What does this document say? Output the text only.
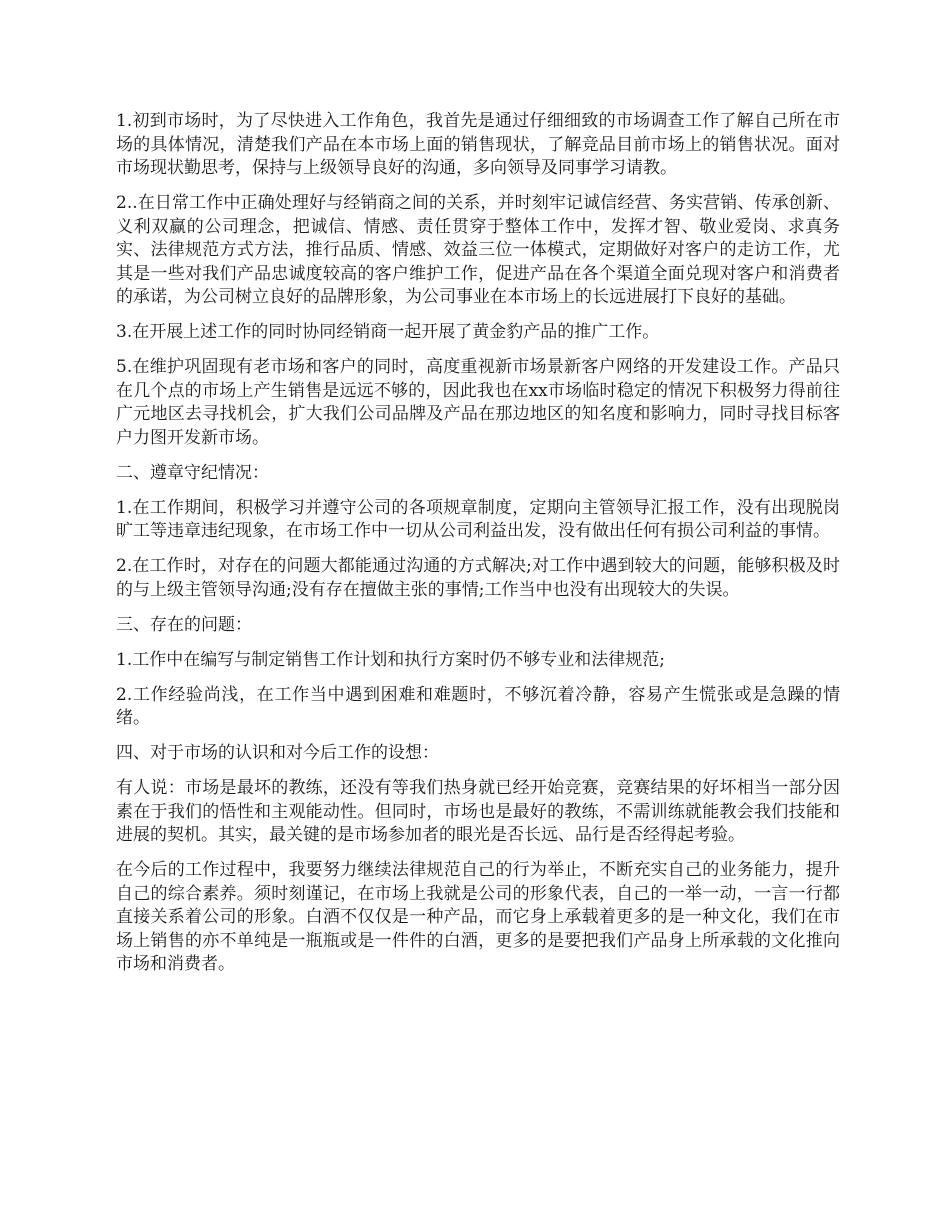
1.初到市场时，为了尽快进入工作角色，我首先是通过仔细细致的市场调查工作了解自己所在市场的具体情况，清楚我们产品在本市场上面的销售现状，了解竞品目前市场上的销售状况。面对市场现状勤思考，保持与上级领导良好的沟通，多向领导及同事学习请教。

2..在日常工作中正确处理好与经销商之间的关系，并时刻牢记诚信经营、务实营销、传承创新、义利双赢的公司理念，把诚信、情感、责任贯穿于整体工作中，发挥才智、敬业爱岗、求真务实、法律规范方式方法，推行品质、情感、效益三位一体模式，定期做好对客户的走访工作，尤其是一些对我们产品忠诚度较高的客户维护工作，促进产品在各个渠道全面兑现对客户和消费者的承诺，为公司树立良好的品牌形象，为公司事业在本市场上的长远进展打下良好的基础。

3.在开展上述工作的同时协同经销商一起开展了黄金豹产品的推广工作。

5.在维护巩固现有老市场和客户的同时，高度重视新市场景新客户网络的开发建设工作。产品只在几个点的市场上产生销售是远远不够的，因此我也在xx市场临时稳定的情况下积极努力得前往广元地区去寻找机会，扩大我们公司品牌及产品在那边地区的知名度和影响力，同时寻找目标客户力图开发新市场。

二、遵章守纪情况：

1.在工作期间，积极学习并遵守公司的各项规章制度，定期向主管领导汇报工作，没有出现脱岗旷工等违章违纪现象，在市场工作中一切从公司利益出发，没有做出任何有损公司利益的事情。

2.在工作时，对存在的问题大都能通过沟通的方式解决;对工作中遇到较大的问题，能够积极及时的与上级主管领导沟通;没有存在擅做主张的事情;工作当中也没有出现较大的失误。

三、存在的问题：

1.工作中在编写与制定销售工作计划和执行方案时仍不够专业和法律规范;

2.工作经验尚浅，在工作当中遇到困难和难题时，不够沉着冷静，容易产生慌张或是急躁的情绪。

四、对于市场的认识和对今后工作的设想：

有人说：市场是最坏的教练，还没有等我们热身就已经开始竞赛，竞赛结果的好坏相当一部分因素在于我们的悟性和主观能动性。但同时，市场也是最好的教练，不需训练就能教会我们技能和进展的契机。其实，最关键的是市场参加者的眼光是否长远、品行是否经得起考验。

在今后的工作过程中，我要努力继续法律规范自己的行为举止，不断充实自己的业务能力，提升自己的综合素养。须时刻谨记，在市场上我就是公司的形象代表，自己的一举一动，一言一行都直接关系着公司的形象。白酒不仅仅是一种产品，而它身上承载着更多的是一种文化，我们在市场上销售的亦不单纯是一瓶瓶或是一件件的白酒，更多的是要把我们产品身上所承载的文化推向市场和消费者。
